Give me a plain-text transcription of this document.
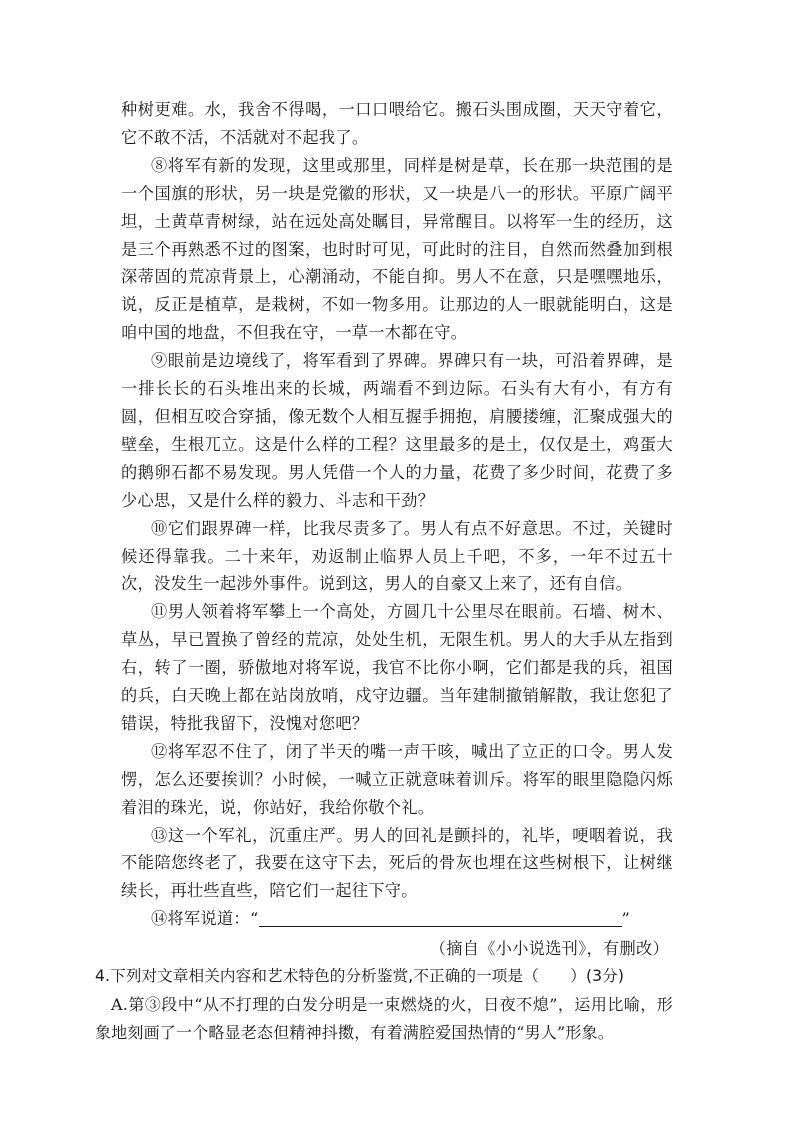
种树更难。水，我舍不得喝，一口口喂给它。搬石头围成圈，天天守着它，它不敢不活，不活就对不起我了。

⑧将军有新的发现，这里或那里，同样是树是草，长在那一块范围的是一个国旗的形状，另一块是党徽的形状，又一块是八一的形状。平原广阔平坦，土黄草青树绿，站在远处高处瞩目，异常醒目。以将军一生的经历，这是三个再熟悉不过的图案，也时时可见，可此时的注目，自然而然叠加到根深蒂固的荒凉背景上，心潮涌动，不能自抑。男人不在意，只是嘿嘿地乐，说，反正是植草，是栽树，不如一物多用。让那边的人一眼就能明白，这是咱中国的地盘，不但我在守，一草一木都在守。

⑨眼前是边境线了，将军看到了界碑。界碑只有一块，可沿着界碑，是一排长长的石头堆出来的长城，两端看不到边际。石头有大有小，有方有圆，但相互咬合穿插，像无数个人相互握手拥抱，肩腰搂缠，汇聚成强大的壁垒，生根兀立。这是什么样的工程？这里最多的是土，仅仅是土，鸡蛋大的鹅卵石都不易发现。男人凭借一个人的力量，花费了多少时间，花费了多少心思，又是什么样的毅力、斗志和干劲？

⑩它们跟界碑一样，比我尽责多了。男人有点不好意思。不过，关键时候还得靠我。二十来年，劝返制止临界人员上千吧，不多，一年不过五十次，没发生一起涉外事件。说到这，男人的自豪又上来了，还有自信。

⑪男人领着将军攀上一个高处，方圆几十公里尽在眼前。石墙、树木、草丛，早已置换了曾经的荒凉，处处生机，无限生机。男人的大手从左指到右，转了一圈，骄傲地对将军说，我官不比你小啊，它们都是我的兵，祖国的兵，白天晚上都在站岗放哨，戍守边疆。当年建制撤销解散，我让您犯了错误，特批我留下，没愧对您吧？

⑫将军忍不住了，闭了半天的嘴一声干咳，喊出了立正的口令。男人发愣，怎么还要挨训？小时候，一喊立正就意味着训斥。将军的眼里隐隐闪烁着泪的珠光，说，你站好，我给你敬个礼。

⑬这一个军礼，沉重庄严。男人的回礼是颤抖的，礼毕，哽咽着说，我不能陪您终老了，我要在这守下去，死后的骨灰也埋在这些树根下，让树继续长，再壮些直些，陪它们一起往下守。

⑭将军说道：“	”

（摘自《小小说选刊》，有删改）

4.下列对文章相关内容和艺术特色的分析鉴赏,不正确的一项是（　　）(3分)

A.第③段中“从不打理的白发分明是一束燃烧的火，日夜不熄”，运用比喻，形象地刻画了一个略显老态但精神抖擞，有着满腔爱国热情的“男人”形象。
